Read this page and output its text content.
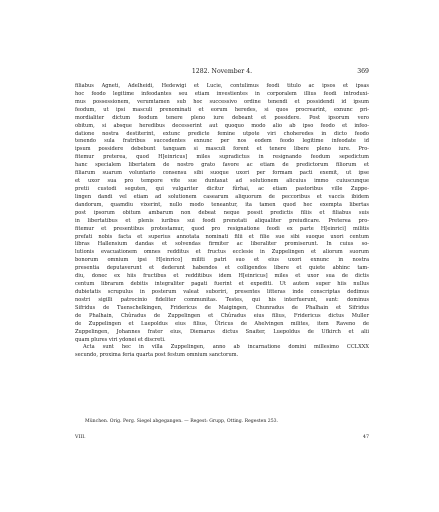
1282. November 4.	369
filiabus Agneti, Adelheidi, Hedewigi et Lucie, contulimus feodi titulo ac ipsos et ipsas
hoc feodo legitime infeodantes seu etiam investientes in corporalem illius feodi introduxi-
mus possessionem, verumtamen sub hoc successivo ordine tenendi et possidendi id ipsum
feodum, ut ipsi masculi prenominati et eorum heredes, si quos procrearint, exnunc pri-
mordialiter dictum feodum tenere pleno iure debeant et possidere. Post ipsorum vero
obitum, si absque heredibus decesserint aut quoquo modo alio ab ipso feodo et infeo-
datione nostra destiterint, extunc predicte femine utpote viri choheredes in dicto feodo
tenendo sula fratribus succedentes exnunc per nos eodem feodo legitime infeodate id
ipsum possidere debebunt tanquam si masculi forent et tenere libere pleno iure. Pro-
fitemur preterea, quod H[einricus] miles supradictus in resignando feodum sepedictum
hanc specialem libertatem de nostro grato favore ac etiam de predictorum filiorum et
filiarum suarum voluntario consensu sibi suoque uxori per formam pacti exemit, ut ipse
et uxor sua pro tempore vite sue duntaxat ad solutionem alicuius immo cuiuscunque
pretii custodi seguten, qui vulgariter dicitur fûrhai, ac etiam pastoribus ville Zuppe-
lingen dandi vel etiam ad solutionem casearum aliquorum de peccoribus et vaccis ibidem
dandorum, quamdiu vixerint, nullo modo teneantur, ita tamen quod hec exempta libertas
post ipsorum obitum ambarum non debeat neque possit predictis filiis et filiabus suis
in libertatibus et plenis iuribus sui feodi prenotati aliqualiter preiudicare. Preterea pro-
fitemur et presentibus protestamur, quod pro resignatione feodi ex parte H[einrici] militis
prefati nobis facta et superius annotata nominati filii et filie sue sibi suoque uxori centum
libras Hallensium dandas et solvendas firmiter ac liberaliter promiserunt. In cuius so-
lutionis evacuationem omnes redditus et fructus ecclesie in Zuppelingen et aliorum suorum
bonorum omnium ipsi H[einrico] militi patri suo et eius uxori exnunc in nostra
presentia deputaverunt et dederunt habendos et colligendos libere et quiete abhinc tam-
diu, donec ex hiis fructibus et redditibus idem H[einricus] miles et uxor sua de dictis
centum librarum debitis integraliter pagati fuerint et expediti. Ut autem super hiis nullus
dubietatis scrupulus in posterum valeat suboriri, presentes litteras inde conscriptas dedimus
nostri sigilli patrocinio fideliter communitas. Testes, qui his interfuerunt, sunt: dominus
Sifridus de Tuenschelkingen, Fridericus de Maigingen, Chunradus de Phalhain et Sifridus
de Phalhain, Chûradus de Zuppelingen et Chûradus eius filius, Fridericus dictus Muller
de Zuppelingen et Luepoldus eius filius, Ûlricus de Ahelvingen milites, item Raveno de
Zuppelingen, Johannes frater eius, Diemarus dictus Snaiter, Luepoldus de Ufkirch et alii
quam plures viri ydonei et discreti.
Acta sunt hec in villa Zuppelingen, anno ab incarnatione domini millesimo CCLXXX
secundo, proxima feria quarta post festum omnium sanctorum.
München. Orig. Perg. Siegel abgegangen. — Regest: Grupp, Otting. Regesten 253.
VIII.	47
